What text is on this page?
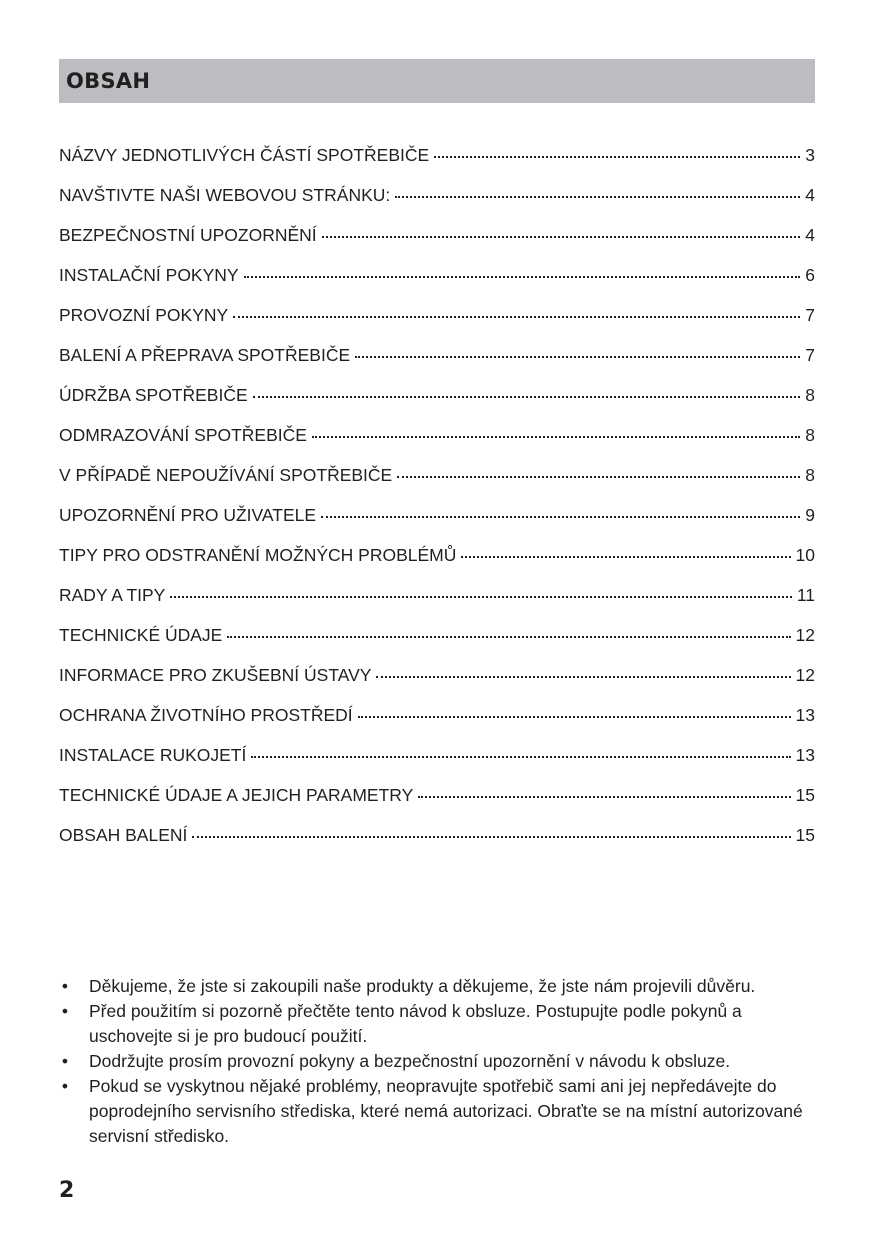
OBSAH
NÁZVY JEDNOTLIVÝCH ČÁSTÍ SPOTŘEBIČE	3
NAVŠTIVTE NAŠI WEBOVOU STRÁNKU:	4
BEZPEČNOSTNÍ UPOZORNĚNÍ	4
INSTALAČNÍ POKYNY	6
PROVOZNÍ POKYNY	7
BALENÍ A PŘEPRAVA SPOTŘEBIČE	7
ÚDRŽBA SPOTŘEBIČE	8
ODMRAZOVÁNÍ SPOTŘEBIČE	8
V PŘÍPADĚ NEPOUŽÍVÁNÍ SPOTŘEBIČE	8
UPOZORNĚNÍ PRO UŽIVATELE	9
TIPY PRO ODSTRANĚNÍ MOŽNÝCH PROBLÉMŮ	10
RADY A TIPY	11
TECHNICKÉ ÚDAJE	12
INFORMACE PRO ZKUŠEBNÍ ÚSTAVY	12
OCHRANA ŽIVOTNÍHO PROSTŘEDÍ	13
INSTALACE RUKOJETÍ	13
TECHNICKÉ ÚDAJE A JEJICH PARAMETRY	15
OBSAH BALENÍ	15
• Děkujeme, že jste si zakoupili naše produkty a děkujeme, že jste nám projevili důvěru.
• Před použitím si pozorně přečtěte tento návod k obsluze. Postupujte podle pokynů a uschovejte si je pro budoucí použití.
• Dodržujte prosím provozní pokyny a bezpečnostní upozornění v návodu k obsluze.
• Pokud se vyskytnou nějaké problémy, neopravujte spotřebič sami ani jej nepředávejte do poprodejního servisního střediska, které nemá autorizaci. Obraťte se na místní autorizované servisní středisko.
2
